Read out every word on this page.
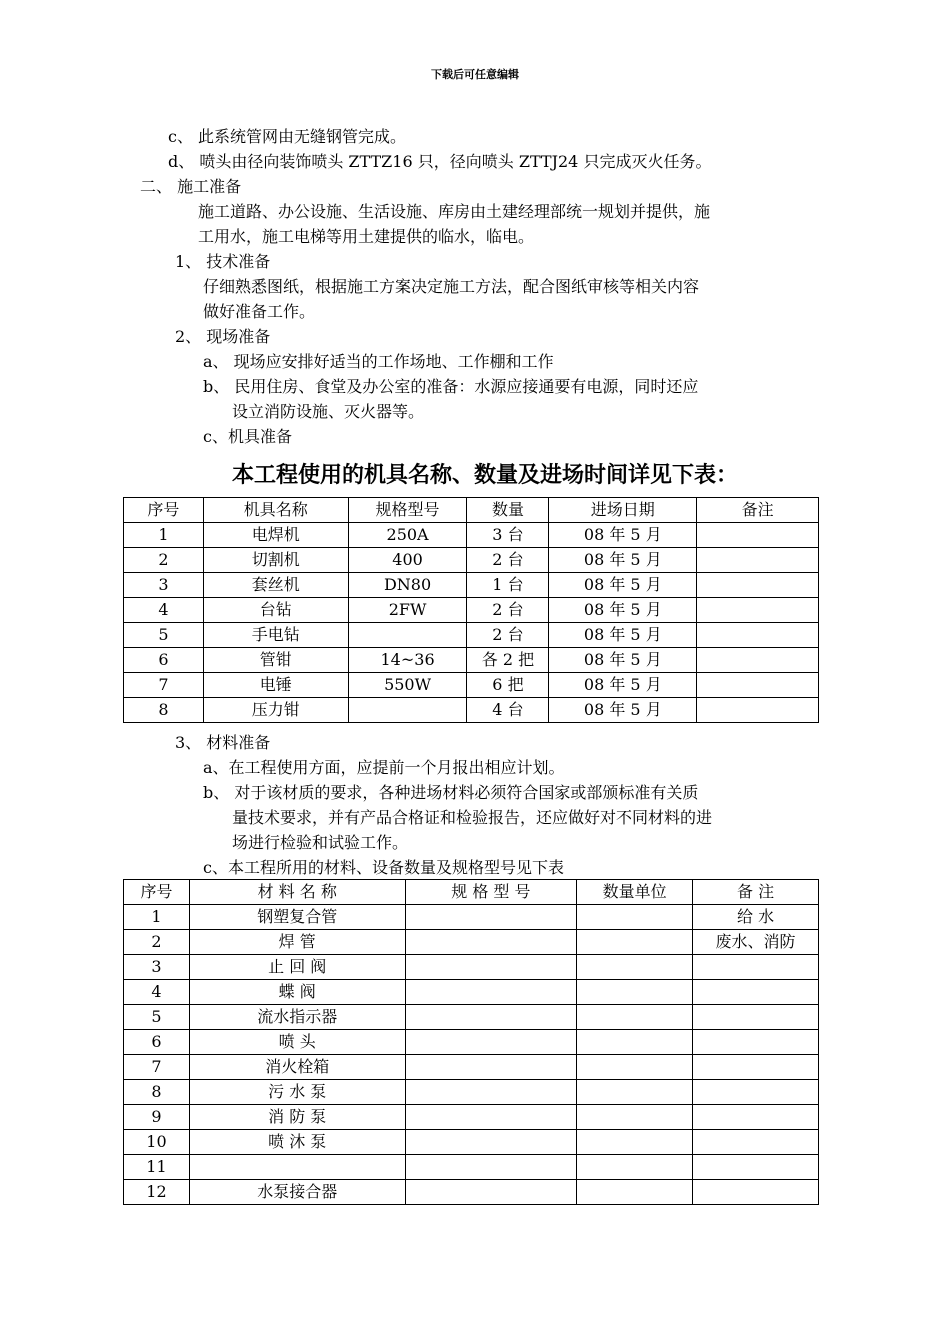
下载后可任意编辑
c、 此系统管网由无缝钢管完成。
d、 喷头由径向装饰喷头 ZTTZ16 只，径向喷头 ZTTJ24 只完成灭火任务。
二、 施工准备
施工道路、办公设施、生活设施、库房由土建经理部统一规划并提供，施
工用水，施工电梯等用土建提供的临水，临电。
1、 技术准备
仔细熟悉图纸，根据施工方案决定施工方法，配合图纸审核等相关内容
做好准备工作。
2、 现场准备
a、 现场应安排好适当的工作场地、工作棚和工作
b、 民用住房、食堂及办公室的准备：水源应接通要有电源，同时还应
设立消防设施、灭火器等。
c、机具准备
本工程使用的机具名称、数量及进场时间详见下表：
序号	机具名称	规格型号	数量	进场日期	备注
1	电焊机	250A	3 台	08 年 5 月	
2	切割机	400	2 台	08 年 5 月	
3	套丝机	DN80	1 台	08 年 5 月	
4	台钻	2FW	2 台	08 年 5 月	
5	手电钻		2 台	08 年 5 月	
6	管钳	14~36	各 2 把	08 年 5 月	
7	电锤	550W	6 把	08 年 5 月	
8	压力钳		4 台	08 年 5 月	
3、 材料准备
a、在工程使用方面，应提前一个月报出相应计划。
b、 对于该材质的要求，各种进场材料必须符合国家或部颁标准有关质
量技术要求，并有产品合格证和检验报告，还应做好对不同材料的进
场进行检验和试验工作。
c、本工程所用的材料、设备数量及规格型号见下表
序号	材 料 名 称	规 格 型 号	数量单位	备 注
1	钢塑复合管			给 水
2	焊 管			废水、消防
3	止 回 阀			
4	蝶 阀			
5	流水指示器			
6	喷 头			
7	消火栓箱			
8	污 水 泵			
9	消 防 泵			
10	喷 沐 泵			
11				
12	水泵接合器			
